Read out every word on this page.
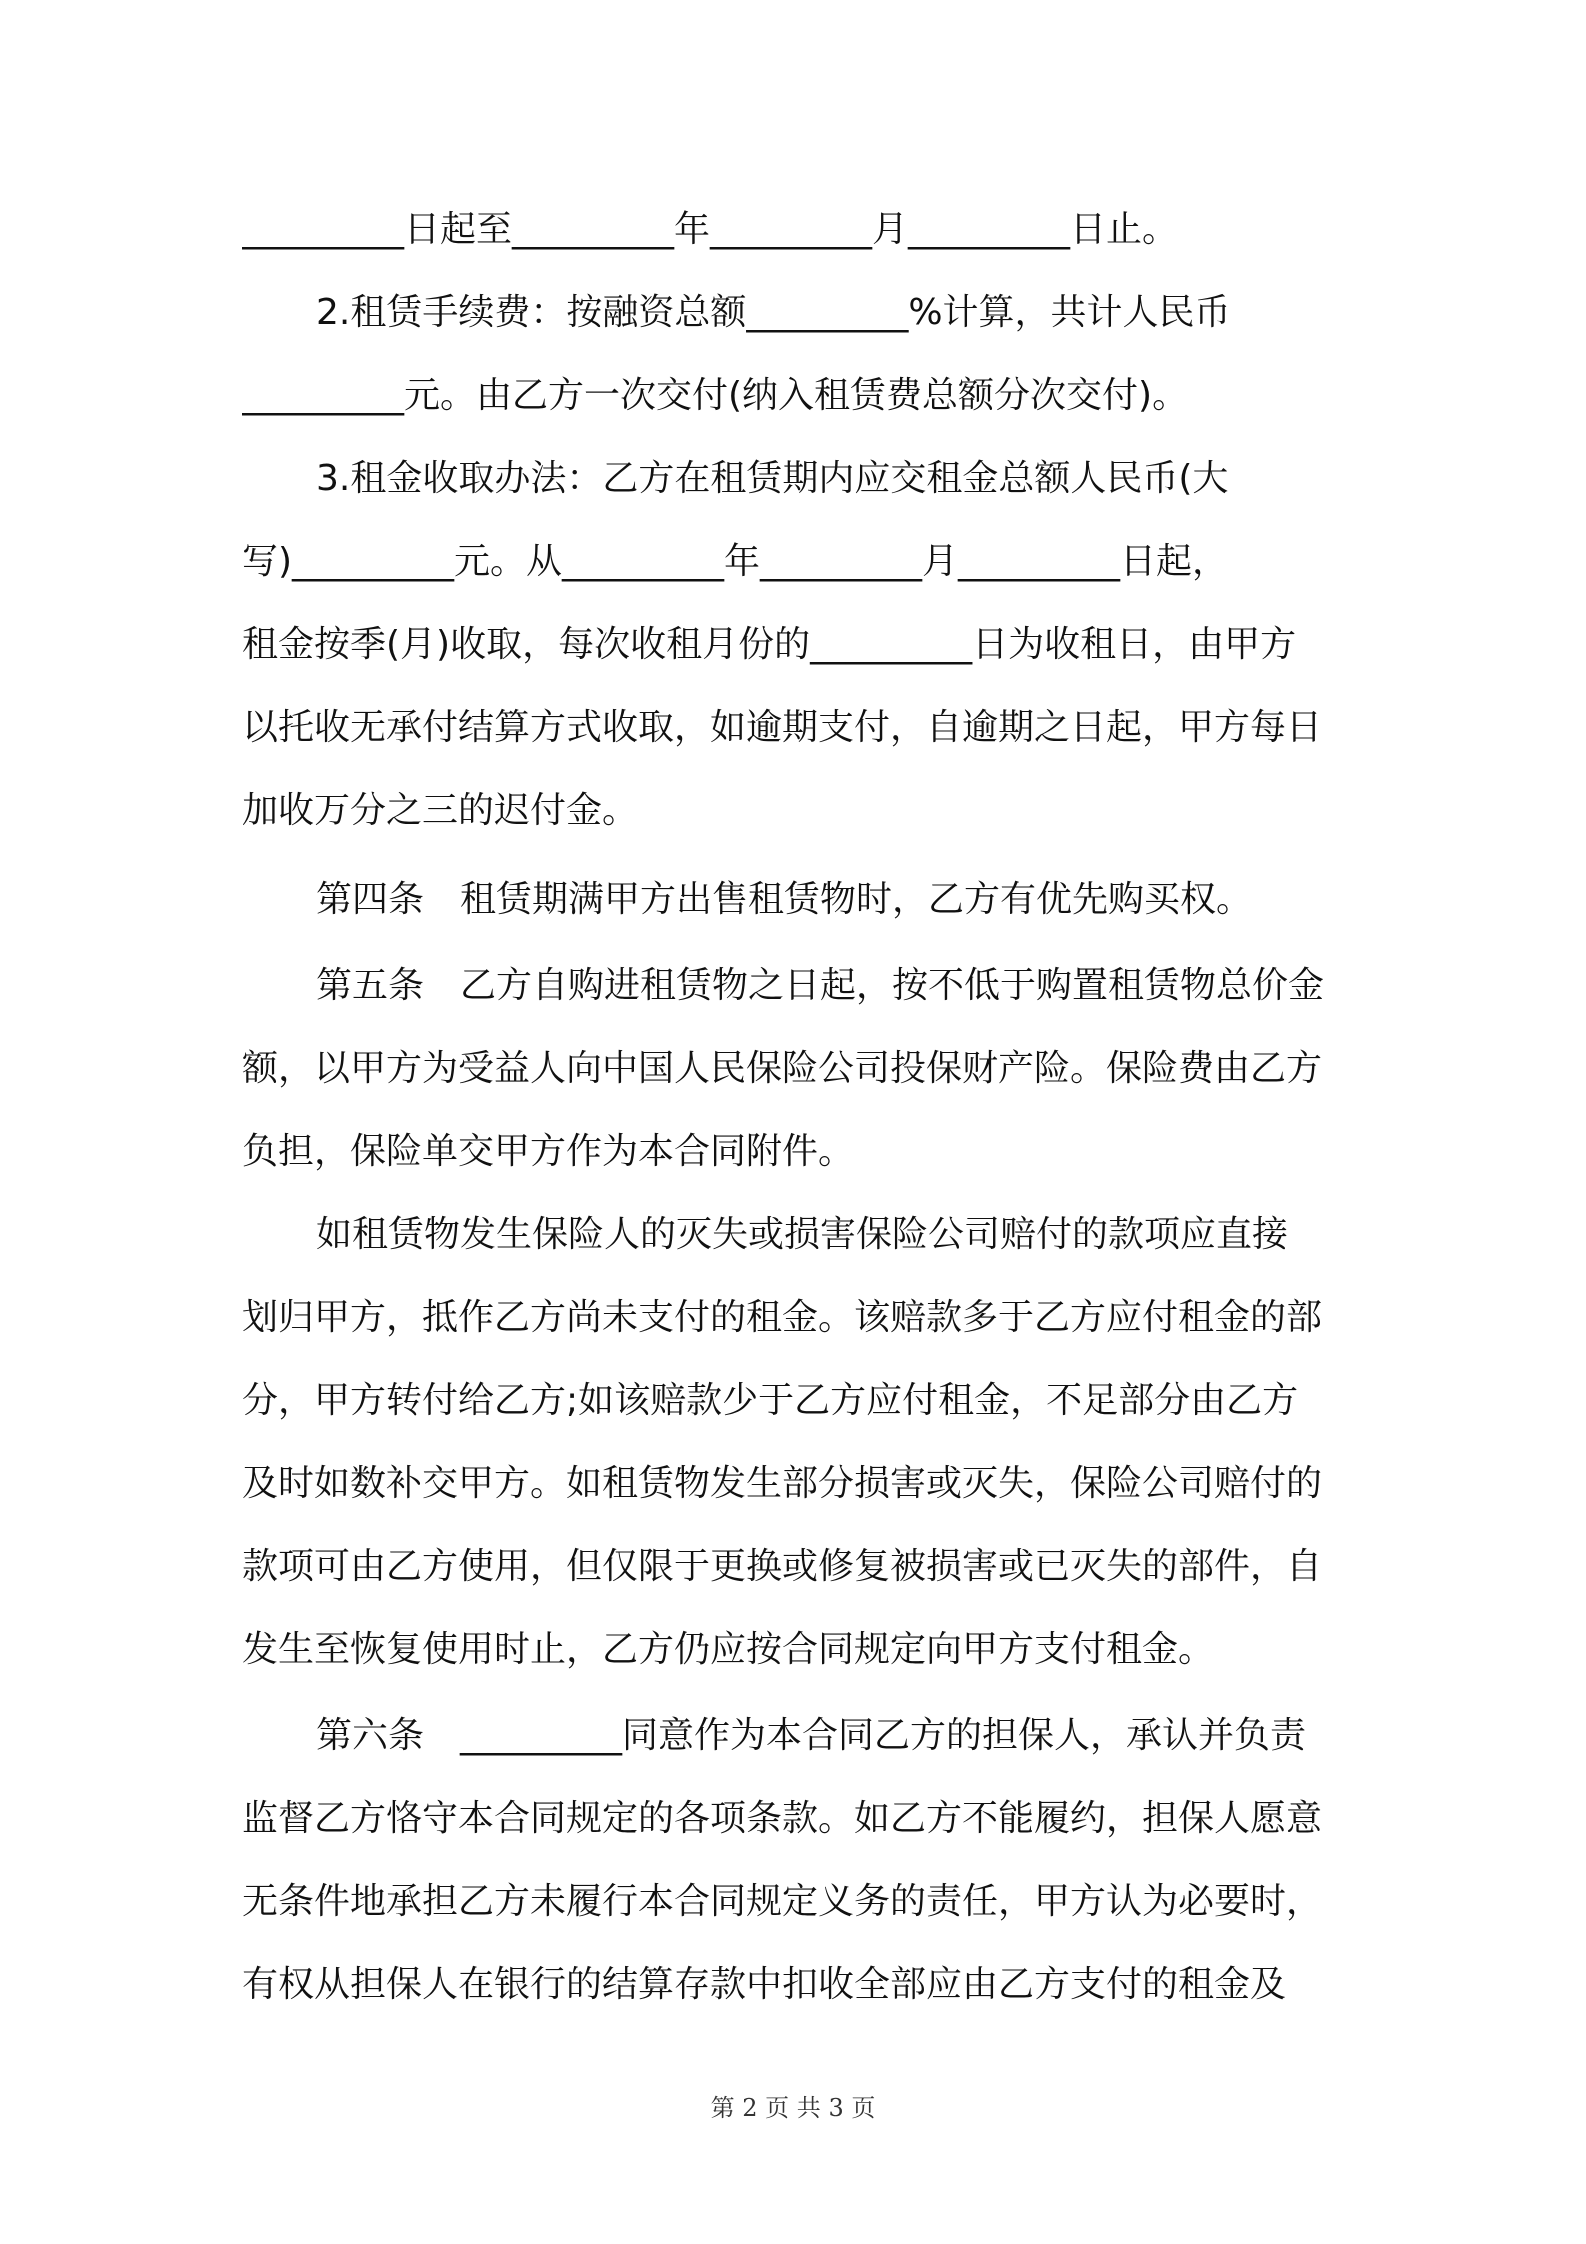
_________日起至_________年_________月_________日止。
2.租赁手续费：按融资总额_________%计算，共计人民币
_________元。由乙方一次交付(纳入租赁费总额分次交付)。
3.租金收取办法：乙方在租赁期内应交租金总额人民币(大
写)_________元。从_________年_________月_________日起，
租金按季(月)收取，每次收租月份的_________日为收租日，由甲方
以托收无承付结算方式收取，如逾期支付，自逾期之日起，甲方每日
加收万分之三的迟付金。
第四条　租赁期满甲方出售租赁物时，乙方有优先购买权。
第五条　乙方自购进租赁物之日起，按不低于购置租赁物总价金
额，以甲方为受益人向中国人民保险公司投保财产险。保险费由乙方
负担，保险单交甲方作为本合同附件。
如租赁物发生保险人的灭失或损害保险公司赔付的款项应直接
划归甲方，抵作乙方尚未支付的租金。该赔款多于乙方应付租金的部
分，甲方转付给乙方;如该赔款少于乙方应付租金，不足部分由乙方
及时如数补交甲方。如租赁物发生部分损害或灭失，保险公司赔付的
款项可由乙方使用，但仅限于更换或修复被损害或已灭失的部件，自
发生至恢复使用时止，乙方仍应按合同规定向甲方支付租金。
第六条　_________同意作为本合同乙方的担保人，承认并负责
监督乙方恪守本合同规定的各项条款。如乙方不能履约，担保人愿意
无条件地承担乙方未履行本合同规定义务的责任，甲方认为必要时，
有权从担保人在银行的结算存款中扣收全部应由乙方支付的租金及
第 2 页 共 3 页
